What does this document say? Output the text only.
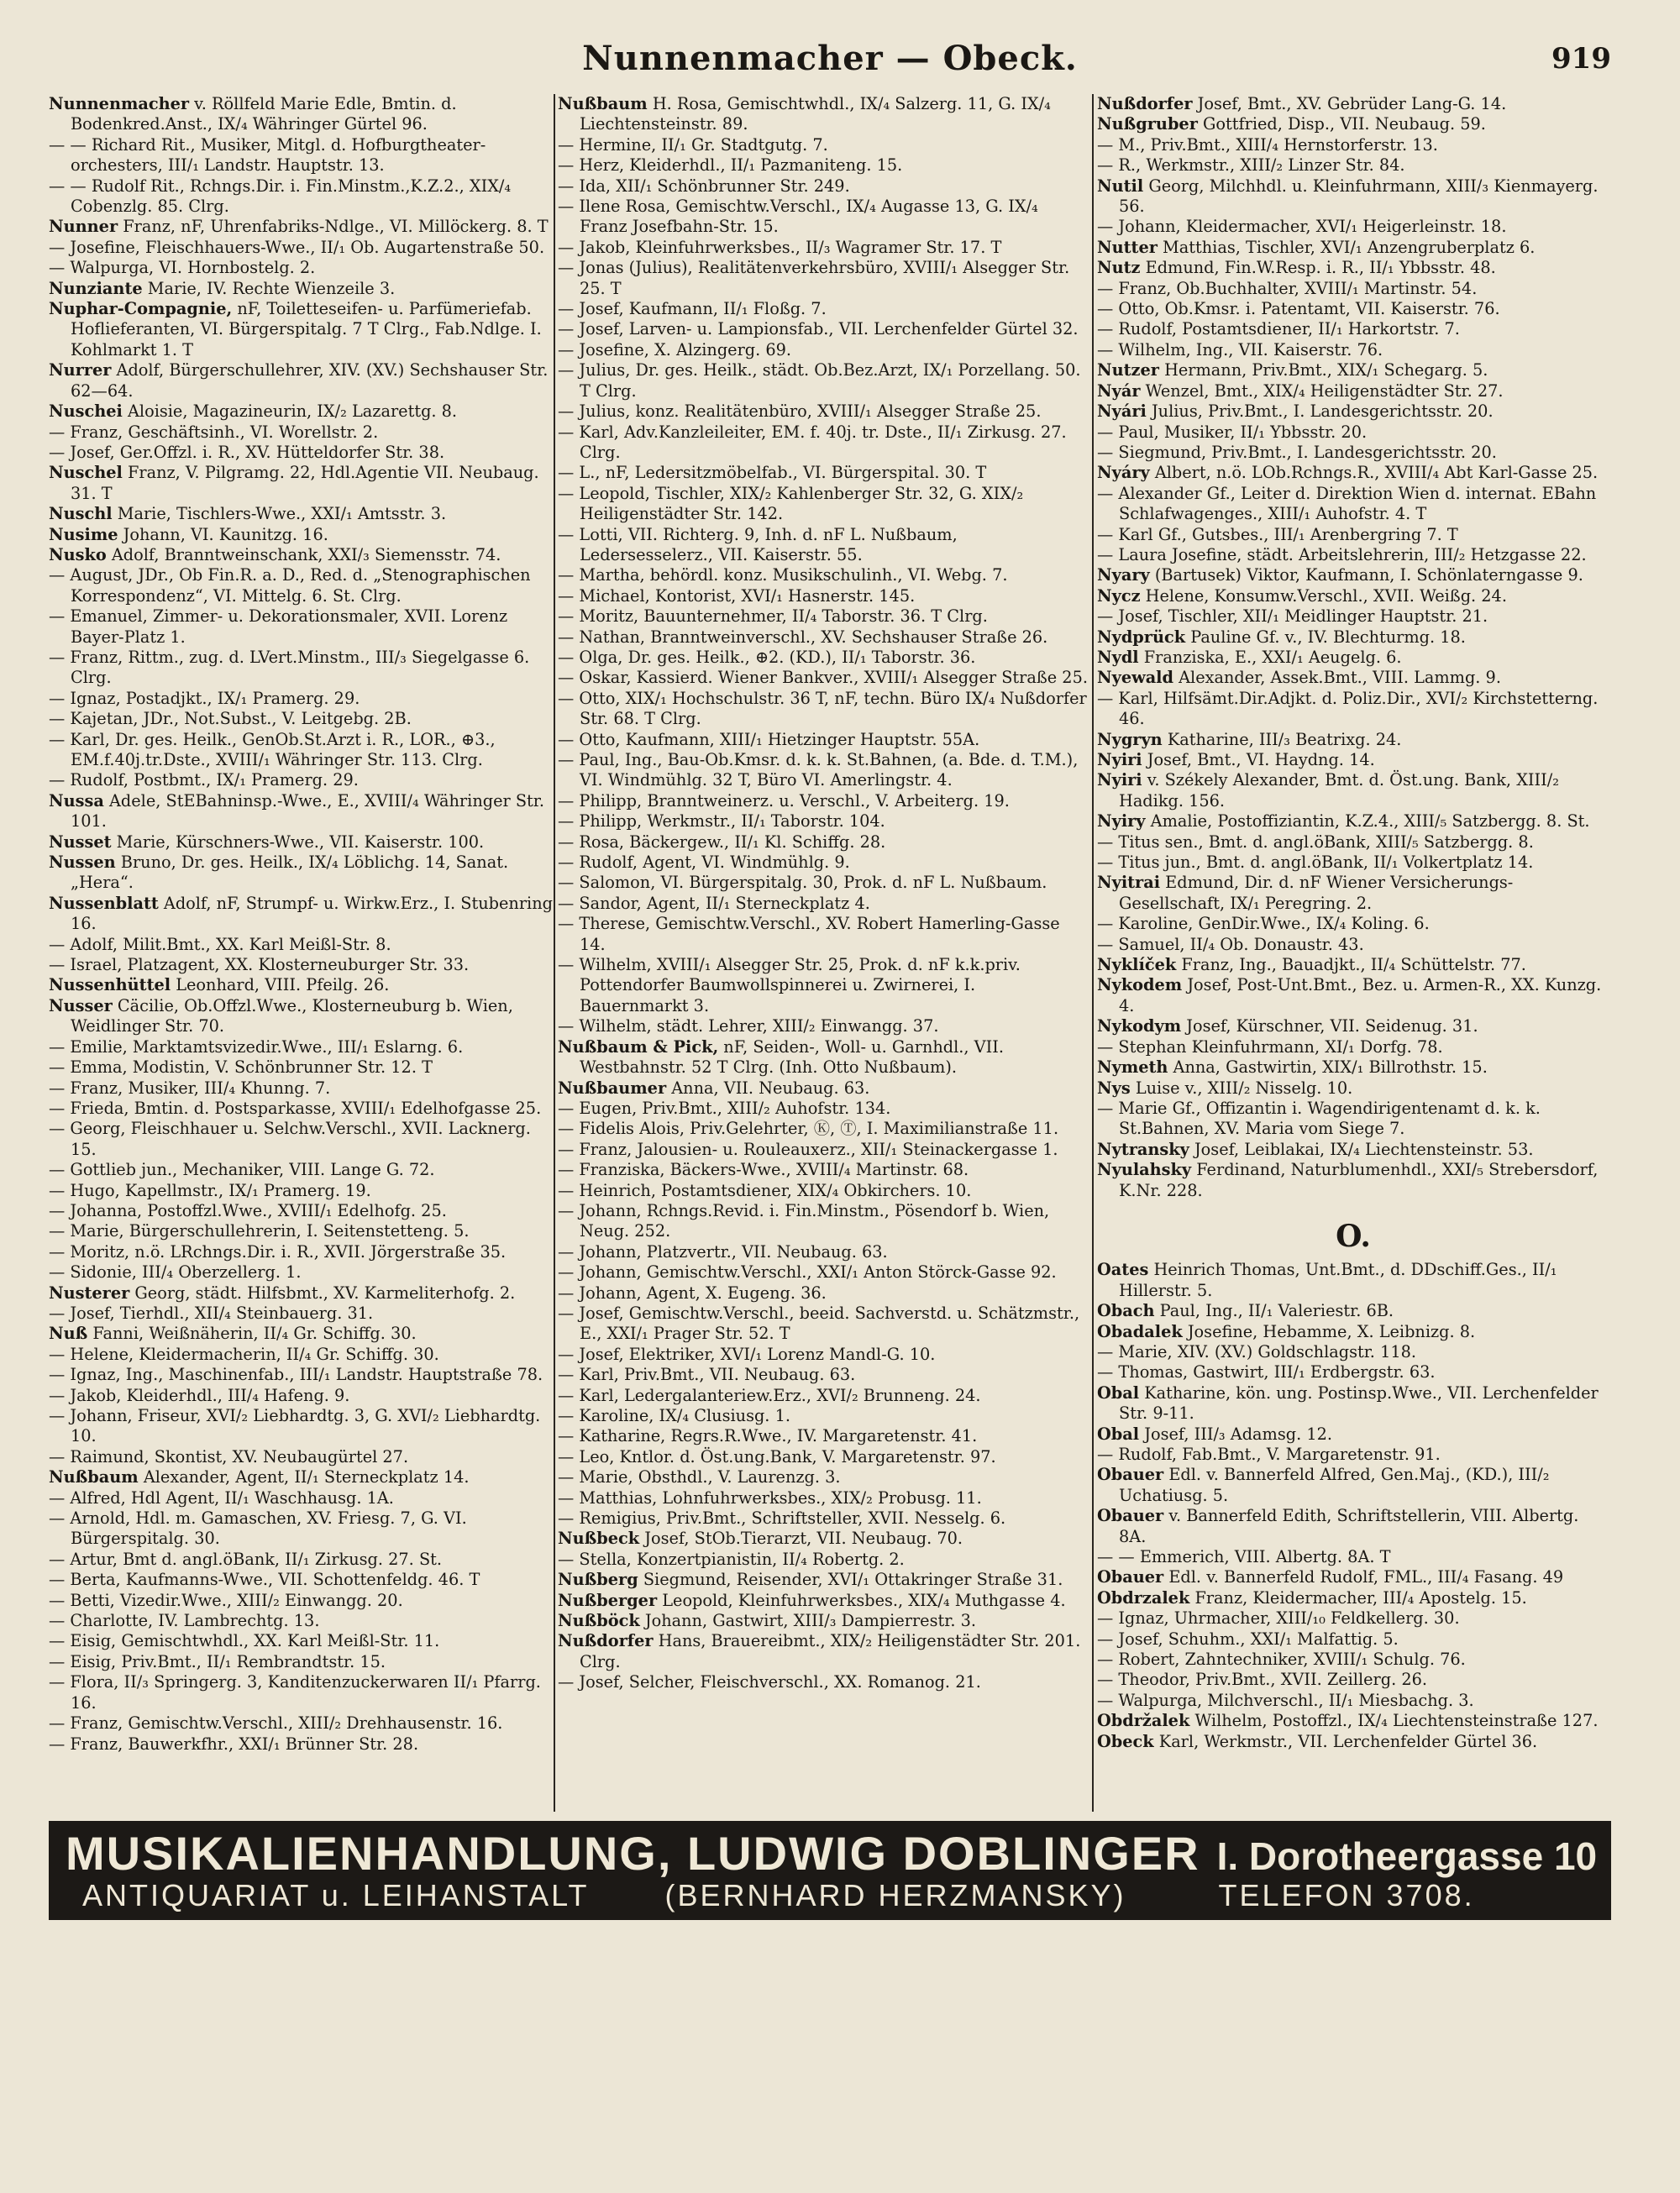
Nunnenmacher — Obeck.	919

Nunnenmacher v. Röllfeld Marie Edle, Bmtin. d. Bodenkred.Anst., IX/₄ Währinger Gürtel 96.

— — Richard Rit., Musiker, Mitgl. d. Hofburgtheater-orchesters, III/₁ Landstr. Hauptstr. 13.

— — Rudolf Rit., Rchngs.Dir. i. Fin.Minstm.,K.Z.2., XIX/₄ Cobenzlg. 85. Clrg.

Nunner Franz, nF, Uhrenfabriks-Ndlge., VI. Millöckerg. 8. T

— Josefine, Fleischhauers-Wwe., II/₁ Ob. Augartenstraße 50.

— Walpurga, VI. Hornbostelg. 2.

Nunziante Marie, IV. Rechte Wienzeile 3.

Nuphar-Compagnie, nF, Toiletteseifen- u. Parfümeriefab. Hoflieferanten, VI. Bürgerspitalg. 7 T Clrg., Fab.Ndlge. I. Kohlmarkt 1. T

Nurrer Adolf, Bürgerschullehrer, XIV. (XV.) Sechshauser Str. 62—64.

Nuschei Aloisie, Magazineurin, IX/₂ Lazarettg. 8.

— Franz, Geschäftsinh., VI. Worellstr. 2.

— Josef, Ger.Offzl. i. R., XV. Hütteldorfer Str. 38.

Nuschel Franz, V. Pilgramg. 22, Hdl.Agentie VII. Neubaug. 31. T

Nuschl Marie, Tischlers-Wwe., XXI/₁ Amtsstr. 3.

Nusime Johann, VI. Kaunitzg. 16.

Nusko Adolf, Branntweinschank, XXI/₃ Siemensstr. 74.

— August, JDr., Ob Fin.R. a. D., Red. d. „Stenographischen Korrespondenz“, VI. Mittelg. 6. St. Clrg.

— Emanuel, Zimmer- u. Dekorationsmaler, XVII. Lorenz Bayer-Platz 1.

— Franz, Rittm., zug. d. LVert.Minstm., III/₃ Siegelgasse 6. Clrg.

— Ignaz, Postadjkt., IX/₁ Pramerg. 29.

— Kajetan, JDr., Not.Subst., V. Leitgebg. 2B.

— Karl, Dr. ges. Heilk., GenOb.St.Arzt i. R., LOR., ⊕3., EM.f.40j.tr.Dste., XVIII/₁ Währinger Str. 113. Clrg.

— Rudolf, Postbmt., IX/₁ Pramerg. 29.

Nussa Adele, StEBahninsp.-Wwe., E., XVIII/₄ Währinger Str. 101.

Nusset Marie, Kürschners-Wwe., VII. Kaiserstr. 100.

Nussen Bruno, Dr. ges. Heilk., IX/₄ Löblichg. 14, Sanat. „Hera“.

Nussenblatt Adolf, nF, Strumpf- u. Wirkw.Erz., I. Stubenring 16.

— Adolf, Milit.Bmt., XX. Karl Meißl-Str. 8.

— Israel, Platzagent, XX. Klosterneuburger Str. 33.

Nussenhüttel Leonhard, VIII. Pfeilg. 26.

Nusser Cäcilie, Ob.Offzl.Wwe., Klosterneuburg b. Wien, Weidlinger Str. 70.

— Emilie, Marktamtsvizedir.Wwe., III/₁ Eslarng. 6.

— Emma, Modistin, V. Schönbrunner Str. 12. T

— Franz, Musiker, III/₄ Khunng. 7.

— Frieda, Bmtin. d. Postsparkasse, XVIII/₁ Edelhofgasse 25.

— Georg, Fleischhauer u. Selchw.Verschl., XVII. Lacknerg. 15.

— Gottlieb jun., Mechaniker, VIII. Lange G. 72.

— Hugo, Kapellmstr., IX/₁ Pramerg. 19.

— Johanna, Postoffzl.Wwe., XVIII/₁ Edelhofg. 25.

— Marie, Bürgerschullehrerin, I. Seitenstetteng. 5.

— Moritz, n.ö. LRchngs.Dir. i. R., XVII. Jörgerstraße 35.

— Sidonie, III/₄ Oberzellerg. 1.

Nusterer Georg, städt. Hilfsbmt., XV. Karmeliterhofg. 2.

— Josef, Tierhdl., XII/₄ Steinbauerg. 31.

Nuß Fanni, Weißnäherin, II/₄ Gr. Schiffg. 30.

— Helene, Kleidermacherin, II/₄ Gr. Schiffg. 30.

— Ignaz, Ing., Maschinenfab., III/₁ Landstr. Hauptstraße 78.

— Jakob, Kleiderhdl., III/₄ Hafeng. 9.

— Johann, Friseur, XVI/₂ Liebhardtg. 3, G. XVI/₂ Liebhardtg. 10.

— Raimund, Skontist, XV. Neubaugürtel 27.

Nußbaum Alexander, Agent, II/₁ Sterneckplatz 14.

— Alfred, Hdl Agent, II/₁ Waschhausg. 1A.

— Arnold, Hdl. m. Gamaschen, XV. Friesg. 7, G. VI. Bürgerspitalg. 30.

— Artur, Bmt d. angl.öBank, II/₁ Zirkusg. 27. St.

— Berta, Kaufmanns-Wwe., VII. Schottenfeldg. 46. T

— Betti, Vizedir.Wwe., XIII/₂ Einwangg. 20.

— Charlotte, IV. Lambrechtg. 13.

— Eisig, Gemischtwhdl., XX. Karl Meißl-Str. 11.

— Eisig, Priv.Bmt., II/₁ Rembrandtstr. 15.

— Flora, II/₃ Springerg. 3, Kanditenzuckerwaren II/₁ Pfarrg. 16.

— Franz, Gemischtw.Verschl., XIII/₂ Drehhausenstr. 16.

— Franz, Bauwerkfhr., XXI/₁ Brünner Str. 28.

Nußbaum H. Rosa, Gemischtwhdl., IX/₄ Salzerg. 11, G. IX/₄ Liechtensteinstr. 89.

— Hermine, II/₁ Gr. Stadtgutg. 7.

— Herz, Kleiderhdl., II/₁ Pazmaniteng. 15.

— Ida, XII/₁ Schönbrunner Str. 249.

— Ilene Rosa, Gemischtw.Verschl., IX/₄ Augasse 13, G. IX/₄ Franz Josefbahn-Str. 15.

— Jakob, Kleinfuhrwerksbes., II/₃ Wagramer Str. 17. T

— Jonas (Julius), Realitätenverkehrsbüro, XVIII/₁ Alsegger Str. 25. T

— Josef, Kaufmann, II/₁ Floßg. 7.

— Josef, Larven- u. Lampionsfab., VII. Lerchenfelder Gürtel 32.

— Josefine, X. Alzingerg. 69.

— Julius, Dr. ges. Heilk., städt. Ob.Bez.Arzt, IX/₁ Porzellang. 50. T Clrg.

— Julius, konz. Realitätenbüro, XVIII/₁ Alsegger Straße 25.

— Karl, Adv.Kanzleileiter, EM. f. 40j. tr. Dste., II/₁ Zirkusg. 27. Clrg.

— L., nF, Ledersitzmöbelfab., VI. Bürgerspital. 30. T

— Leopold, Tischler, XIX/₂ Kahlenberger Str. 32, G. XIX/₂ Heiligenstädter Str. 142.

— Lotti, VII. Richterg. 9, Inh. d. nF L. Nußbaum, Ledersesselerz., VII. Kaiserstr. 55.

— Martha, behördl. konz. Musikschulinh., VI. Webg. 7.

— Michael, Kontorist, XVI/₁ Hasnerstr. 145.

— Moritz, Bauunternehmer, II/₄ Taborstr. 36. T Clrg.

— Nathan, Branntweinverschl., XV. Sechshauser Straße 26.

— Olga, Dr. ges. Heilk., ⊕2. (KD.), II/₁ Taborstr. 36.

— Oskar, Kassierd. Wiener Bankver., XVIII/₁ Alsegger Straße 25.

— Otto, XIX/₁ Hochschulstr. 36 T, nF, techn. Büro IX/₄ Nußdorfer Str. 68. T Clrg.

— Otto, Kaufmann, XIII/₁ Hietzinger Hauptstr. 55A.

— Paul, Ing., Bau-Ob.Kmsr. d. k. k. St.Bahnen, (a. Bde. d. T.M.), VI. Windmühlg. 32 T, Büro VI. Amerlingstr. 4.

— Philipp, Branntweinerz. u. Verschl., V. Arbeiterg. 19.

— Philipp, Werkmstr., II/₁ Taborstr. 104.

— Rosa, Bäckergew., II/₁ Kl. Schiffg. 28.

— Rudolf, Agent, VI. Windmühlg. 9.

— Salomon, VI. Bürgerspitalg. 30, Prok. d. nF L. Nußbaum.

— Sandor, Agent, II/₁ Sterneckplatz 4.

— Therese, Gemischtw.Verschl., XV. Robert Hamerling-Gasse 14.

— Wilhelm, XVIII/₁ Alsegger Str. 25, Prok. d. nF k.k.priv. Pottendorfer Baumwollspinnerei u. Zwirnerei, I. Bauernmarkt 3.

— Wilhelm, städt. Lehrer, XIII/₂ Einwangg. 37.

Nußbaum & Pick, nF, Seiden-, Woll- u. Garnhdl., VII. Westbahnstr. 52 T Clrg. (Inh. Otto Nußbaum).

Nußbaumer Anna, VII. Neubaug. 63.

— Eugen, Priv.Bmt., XIII/₂ Auhofstr. 134.

— Fidelis Alois, Priv.Gelehrter, Ⓚ, Ⓣ, I. Maximilianstraße 11.

— Franz, Jalousien- u. Rouleauxerz., XII/₁ Steinackergasse 1.

— Franziska, Bäckers-Wwe., XVIII/₄ Martinstr. 68.

— Heinrich, Postamtsdiener, XIX/₄ Obkirchers. 10.

— Johann, Rchngs.Revid. i. Fin.Minstm., Pösendorf b. Wien, Neug. 252.

— Johann, Platzvertr., VII. Neubaug. 63.

— Johann, Gemischtw.Verschl., XXI/₁ Anton Störck-Gasse 92.

— Johann, Agent, X. Eugeng. 36.

— Josef, Gemischtw.Verschl., beeid. Sachverstd. u. Schätzmstr., E., XXI/₁ Prager Str. 52. T

— Josef, Elektriker, XVI/₁ Lorenz Mandl-G. 10.

— Karl, Priv.Bmt., VII. Neubaug. 63.

— Karl, Ledergalanteriew.Erz., XVI/₂ Brunneng. 24.

— Karoline, IX/₄ Clusiusg. 1.

— Katharine, Regrs.R.Wwe., IV. Margaretenstr. 41.

— Leo, Kntlor. d. Öst.ung.Bank, V. Margaretenstr. 97.

— Marie, Obsthdl., V. Laurenzg. 3.

— Matthias, Lohnfuhrwerksbes., XIX/₂ Probusg. 11.

— Remigius, Priv.Bmt., Schriftsteller, XVII. Nesselg. 6.

Nußbeck Josef, StOb.Tierarzt, VII. Neubaug. 70.

— Stella, Konzertpianistin, II/₄ Robertg. 2.

Nußberg Siegmund, Reisender, XVI/₁ Ottakringer Straße 31.

Nußberger Leopold, Kleinfuhrwerksbes., XIX/₄ Muthgasse 4.

Nußböck Johann, Gastwirt, XIII/₃ Dampierrestr. 3.

Nußdorfer Hans, Brauereibmt., XIX/₂ Heiligenstädter Str. 201. Clrg.

— Josef, Selcher, Fleischverschl., XX. Romanog. 21.

Nußdorfer Josef, Bmt., XV. Gebrüder Lang-G. 14.

Nußgruber Gottfried, Disp., VII. Neubaug. 59.

— M., Priv.Bmt., XIII/₄ Hernstorferstr. 13.

— R., Werkmstr., XIII/₂ Linzer Str. 84.

Nutil Georg, Milchhdl. u. Kleinfuhrmann, XIII/₃ Kienmayerg. 56.

— Johann, Kleidermacher, XVI/₁ Heigerleinstr. 18.

Nutter Matthias, Tischler, XVI/₁ Anzengruberplatz 6.

Nutz Edmund, Fin.W.Resp. i. R., II/₁ Ybbsstr. 48.

— Franz, Ob.Buchhalter, XVIII/₁ Martinstr. 54.

— Otto, Ob.Kmsr. i. Patentamt, VII. Kaiserstr. 76.

— Rudolf, Postamtsdiener, II/₁ Harkortstr. 7.

— Wilhelm, Ing., VII. Kaiserstr. 76.

Nutzer Hermann, Priv.Bmt., XIX/₁ Schegarg. 5.

Nyár Wenzel, Bmt., XIX/₄ Heiligenstädter Str. 27.

Nyári Julius, Priv.Bmt., I. Landesgerichtsstr. 20.

— Paul, Musiker, II/₁ Ybbsstr. 20.

— Siegmund, Priv.Bmt., I. Landesgerichtsstr. 20.

Nyáry Albert, n.ö. LOb.Rchngs.R., XVIII/₄ Abt Karl-Gasse 25.

— Alexander Gf., Leiter d. Direktion Wien d. internat. EBahn Schlafwagenges., XIII/₁ Auhofstr. 4. T

— Karl Gf., Gutsbes., III/₁ Arenbergring 7. T

— Laura Josefine, städt. Arbeitslehrerin, III/₂ Hetzgasse 22.

Nyary (Bartusek) Viktor, Kaufmann, I. Schönlaterngasse 9.

Nycz Helene, Konsumw.Verschl., XVII. Weißg. 24.

— Josef, Tischler, XII/₁ Meidlinger Hauptstr. 21.

Nydprück Pauline Gf. v., IV. Blechturmg. 18.

Nydl Franziska, E., XXI/₁ Aeugelg. 6.

Nyewald Alexander, Assek.Bmt., VIII. Lammg. 9.

— Karl, Hilfsämt.Dir.Adjkt. d. Poliz.Dir., XVI/₂ Kirchstetterng. 46.

Nygryn Katharine, III/₃ Beatrixg. 24.

Nyiri Josef, Bmt., VI. Haydng. 14.

Nyiri v. Székely Alexander, Bmt. d. Öst.ung. Bank, XIII/₂ Hadikg. 156.

Nyiry Amalie, Postoffiziantin, K.Z.4., XIII/₅ Satzbergg. 8. St.

— Titus sen., Bmt. d. angl.öBank, XIII/₅ Satzbergg. 8.

— Titus jun., Bmt. d. angl.öBank, II/₁ Volkertplatz 14.

Nyitrai Edmund, Dir. d. nF Wiener Versicherungs-Gesellschaft, IX/₁ Peregring. 2.

— Karoline, GenDir.Wwe., IX/₄ Koling. 6.

— Samuel, II/₄ Ob. Donaustr. 43.

Nyklíček Franz, Ing., Bauadjkt., II/₄ Schüttelstr. 77.

Nykodem Josef, Post-Unt.Bmt., Bez. u. Armen-R., XX. Kunzg. 4.

Nykodym Josef, Kürschner, VII. Seidenug. 31.

— Stephan Kleinfuhrmann, XI/₁ Dorfg. 78.

Nymeth Anna, Gastwirtin, XIX/₁ Billrothstr. 15.

Nys Luise v., XIII/₂ Nisselg. 10.

— Marie Gf., Offizantin i. Wagendirigentenamt d. k. k. St.Bahnen, XV. Maria vom Siege 7.

Nytransky Josef, Leiblakai, IX/₄ Liechtensteinstr. 53.

Nyulahsky Ferdinand, Naturblumenhdl., XXI/₅ Strebersdorf, K.Nr. 228.

O.

Oates Heinrich Thomas, Unt.Bmt., d. DDschiff.Ges., II/₁ Hillerstr. 5.

Obach Paul, Ing., II/₁ Valeriestr. 6B.

Obadalek Josefine, Hebamme, X. Leibnizg. 8.

— Marie, XIV. (XV.) Goldschlagstr. 118.

— Thomas, Gastwirt, III/₁ Erdbergstr. 63.

Obal Katharine, kön. ung. Postinsp.Wwe., VII. Lerchenfelder Str. 9-11.

Obal Josef, III/₃ Adamsg. 12.

— Rudolf, Fab.Bmt., V. Margaretenstr. 91.

Obauer Edl. v. Bannerfeld Alfred, Gen.Maj., (KD.), III/₂ Uchatiusg. 5.

Obauer v. Bannerfeld Edith, Schriftstellerin, VIII. Albertg. 8A.

— — Emmerich, VIII. Albertg. 8A. T

Obauer Edl. v. Bannerfeld Rudolf, FML., III/₄ Fasang. 49

Obdrzalek Franz, Kleidermacher, III/₄ Apostelg. 15.

— Ignaz, Uhrmacher, XIII/₁₀ Feldkellerg. 30.

— Josef, Schuhm., XXI/₁ Malfattig. 5.

— Robert, Zahntechniker, XVIII/₁ Schulg. 76.

— Theodor, Priv.Bmt., XVII. Zeillerg. 26.

— Walpurga, Milchverschl., II/₁ Miesbachg. 3.

Obdržalek Wilhelm, Postoffzl., IX/₄ Liechtensteinstraße 127.

Obeck Karl, Werkmstr., VII. Lerchenfelder Gürtel 36.

MUSIKALIENHANDLUNG, LUDWIG DOBLINGER I. Dorotheergasse 10
ANTIQUARIAT u. LEIHANSTALT	(BERNHARD HERZMANSKY)	TELEFON 3708.
